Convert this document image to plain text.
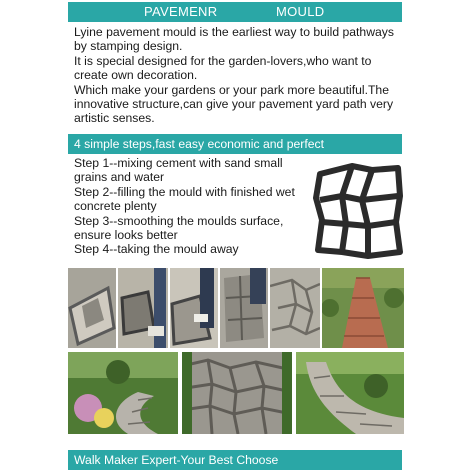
PAVEMENR	MOULD

Lyine pavement mould is the earliest way to build pathways by stamping design.

It is special designed for the garden-lovers,who want to create own decoration.

Which make your gardens or your park more beautiful.The innovative structure,can give your pavement yard path very artistic senses.

4 simple steps,fast easy economic and perfect

Step 1--mixing cement with sand small grains and water

Step 2--filling the mould with finished wet concrete plenty

Step 3--smoothing the moulds surface, ensure looks better

Step 4--taking the mould away

Walk Maker Expert-Your Best Choose
